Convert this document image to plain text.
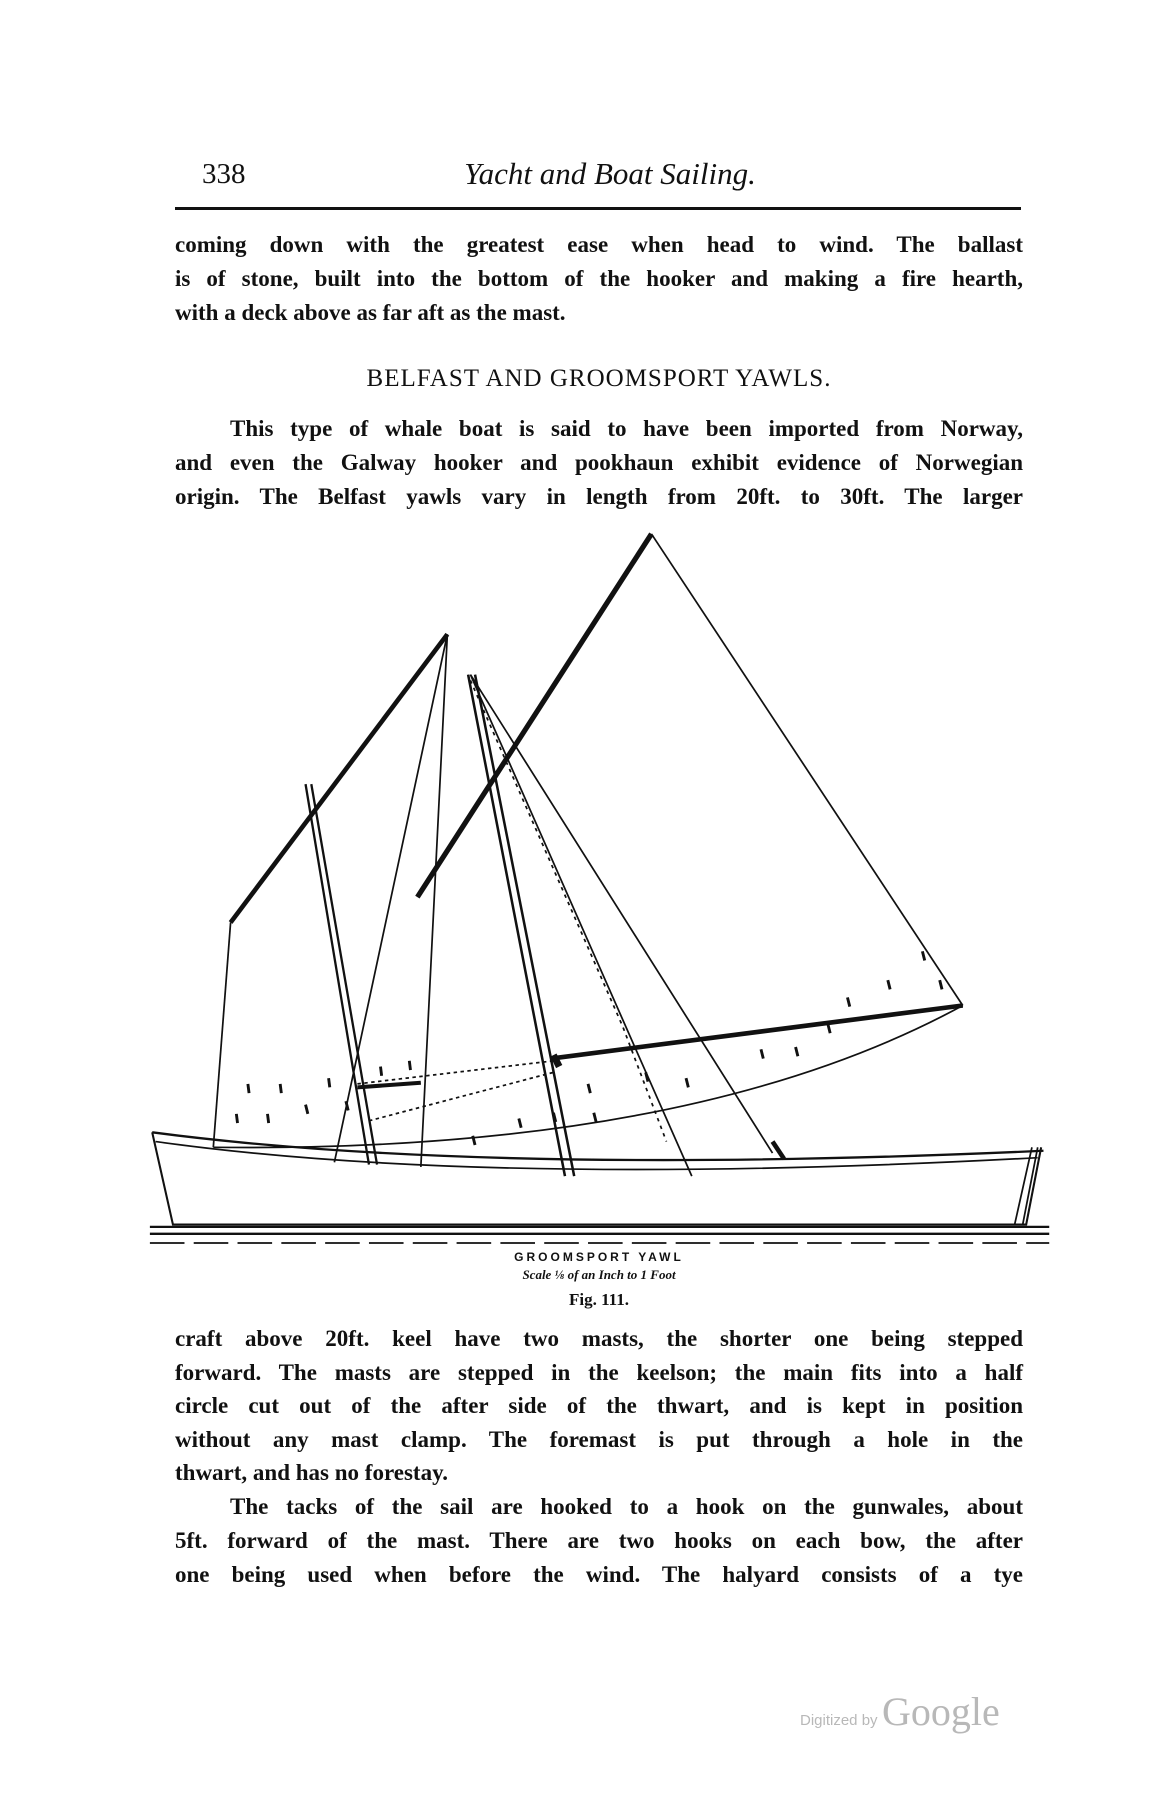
338	Yacht and Boat Sailing.
coming down with the greatest ease when head to wind. The ballast
is of stone, built into the bottom of the hooker and making a fire hearth,
with a deck above as far aft as the mast.
BELFAST AND GROOMSPORT YAWLS.
This type of whale boat is said to have been imported from Norway,
and even the Galway hooker and pookhaun exhibit evidence of Norwegian
origin. The Belfast yawls vary in length from 20ft. to 30ft. The larger
GROOMSPORT YAWL
Scale ⅛ of an Inch to 1 Foot
Fig. 111.
craft above 20ft. keel have two masts, the shorter one being stepped
forward. The masts are stepped in the keelson; the main fits into a half
circle cut out of the after side of the thwart, and is kept in position
without any mast clamp. The foremast is put through a hole in the
thwart, and has no forestay.
The tacks of the sail are hooked to a hook on the gunwales, about
5ft. forward of the mast. There are two hooks on each bow, the after
one being used when before the wind. The halyard consists of a tye
Digitized by Google
